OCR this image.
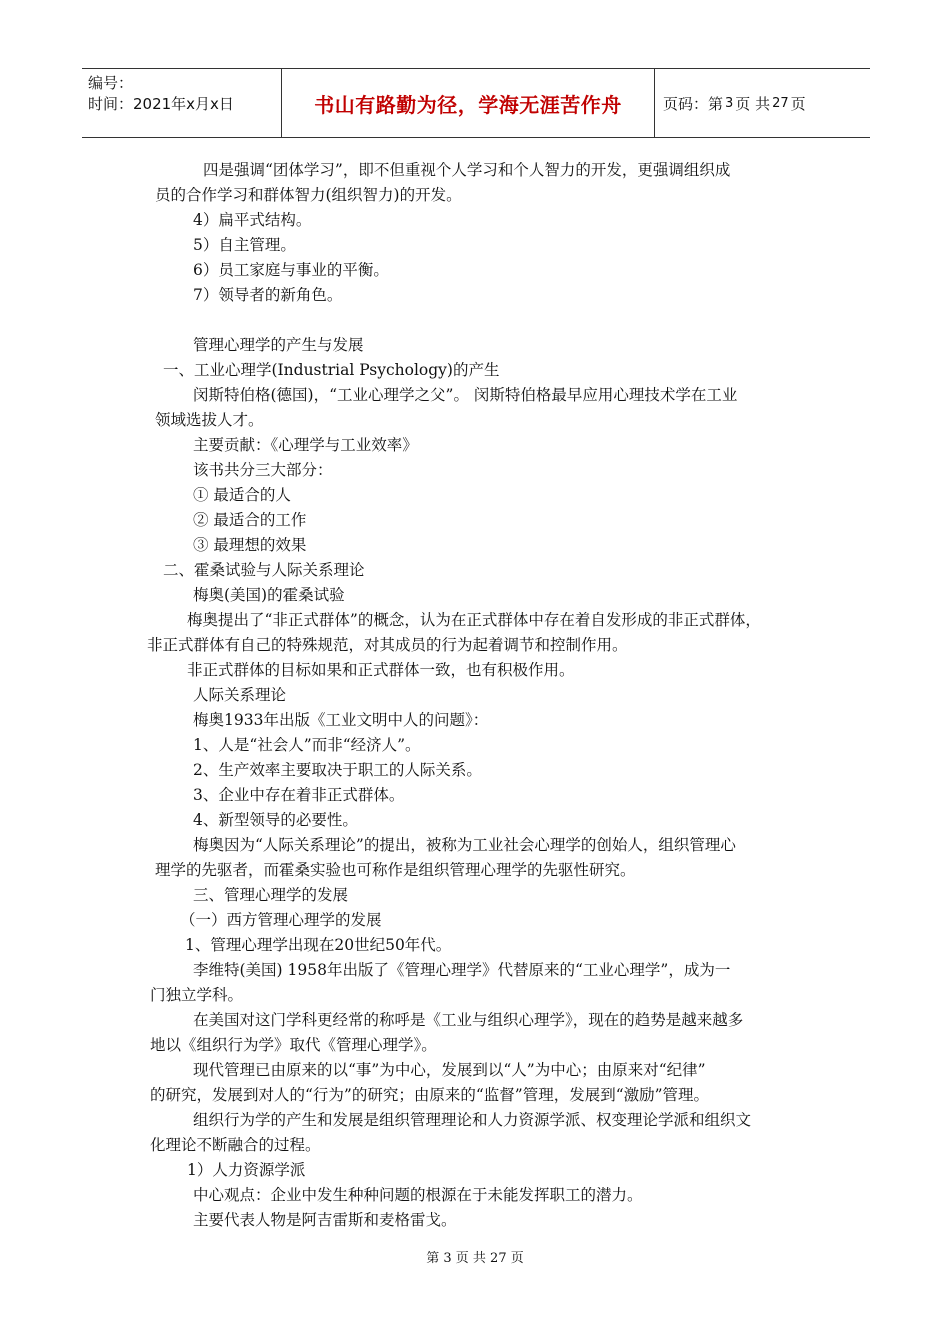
编号：
时间：2021年x月x日	书山有路勤为径，学海无涯苦作舟	页码：第 3 页 共 27 页
四是强调“团体学习”，即不但重视个人学习和个人智力的开发，更强调组织成
员的合作学习和群体智力(组织智力)的开发。
4）扁平式结构。
5）自主管理。
6）员工家庭与事业的平衡。
7）领导者的新角色。
管理心理学的产生与发展
一、工业心理学(Industrial Psychology)的产生
闵斯特伯格(德国)，“工业心理学之父”。 闵斯特伯格最早应用心理技术学在工业
领域选拔人才。
主要贡献：《心理学与工业效率》
该书共分三大部分：
① 最适合的人
② 最适合的工作
③ 最理想的效果
二、霍桑试验与人际关系理论
梅奥(美国)的霍桑试验
梅奥提出了“非正式群体”的概念，认为在正式群体中存在着自发形成的非正式群体，
非正式群体有自己的特殊规范，对其成员的行为起着调节和控制作用。
非正式群体的目标如果和正式群体一致，也有积极作用。
人际关系理论
梅奥1933年出版《工业文明中人的问题》：
1、人是“社会人”而非“经济人”。
2、生产效率主要取决于职工的人际关系。
3、企业中存在着非正式群体。
4、新型领导的必要性。
梅奥因为“人际关系理论”的提出，被称为工业社会心理学的创始人，组织管理心
理学的先驱者，而霍桑实验也可称作是组织管理心理学的先驱性研究。
三、管理心理学的发展
（一）西方管理心理学的发展
1、管理心理学出现在20世纪50年代。
李维特(美国) 1958年出版了《管理心理学》代替原来的“工业心理学”，成为一
门独立学科。
在美国对这门学科更经常的称呼是《工业与组织心理学》，现在的趋势是越来越多
地以《组织行为学》取代《管理心理学》。
现代管理已由原来的以“事”为中心，发展到以“人”为中心；由原来对“纪律”
的研究，发展到对人的“行为”的研究；由原来的“监督”管理，发展到“激励”管理。
组织行为学的产生和发展是组织管理理论和人力资源学派、权变理论学派和组织文
化理论不断融合的过程。
1）人力资源学派
中心观点：企业中发生种种问题的根源在于未能发挥职工的潜力。
主要代表人物是阿吉雷斯和麦格雷戈。
第 3 页 共 27 页
